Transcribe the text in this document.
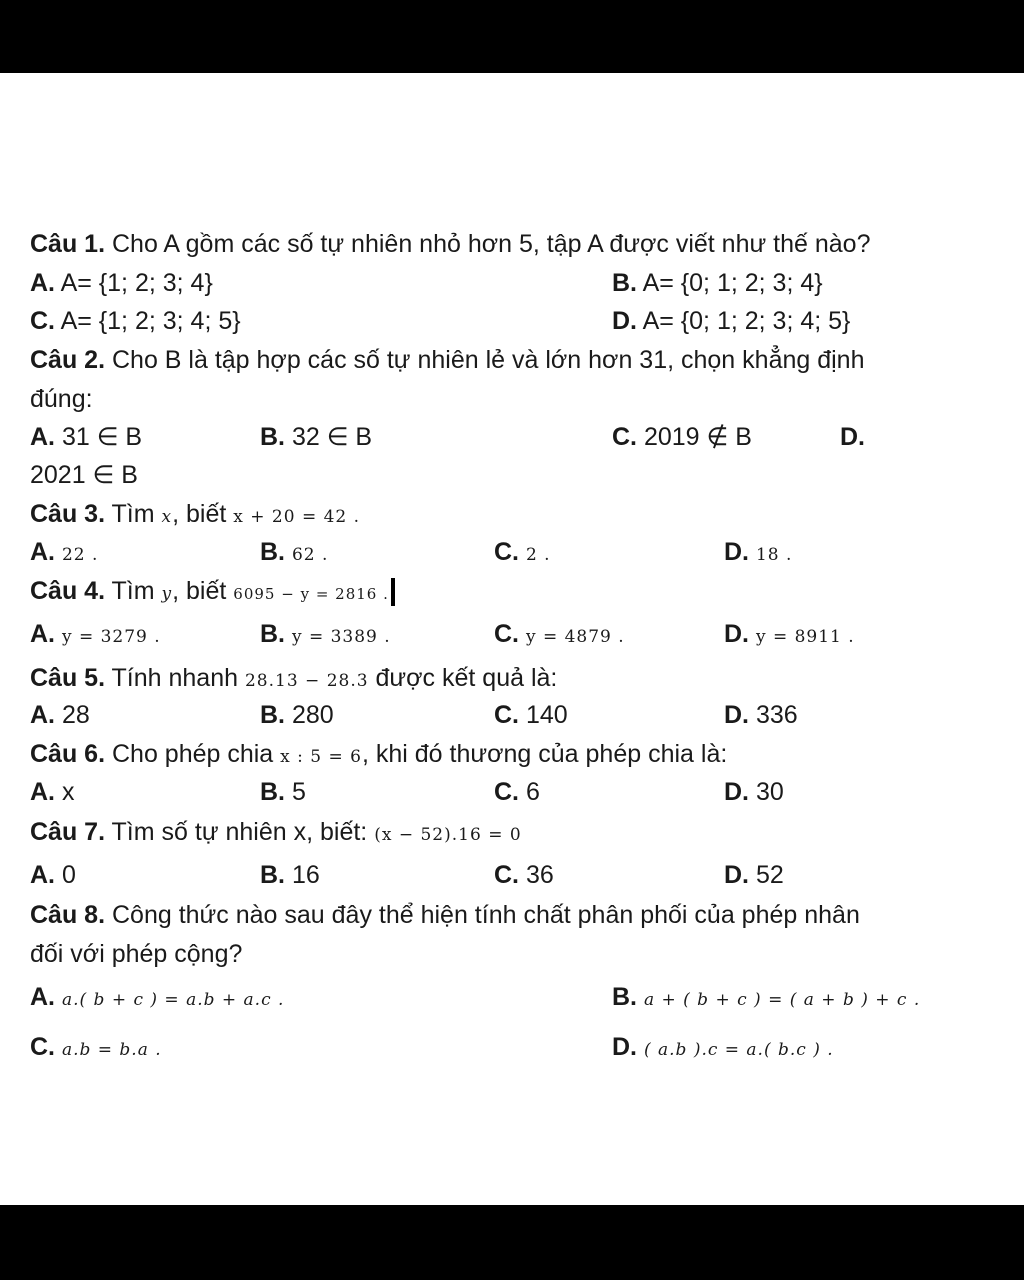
Câu 1. Cho A gồm các số tự nhiên nhỏ hơn 5, tập A được viết như thế nào?
A. A= {1; 2; 3; 4}	B. A= {0; 1; 2; 3; 4}
C. A= {1; 2; 3; 4; 5}	D. A= {0; 1; 2; 3; 4; 5}
Câu 2. Cho B là tập hợp các số tự nhiên lẻ và lớn hơn 31, chọn khẳng định
đúng:
A. 31 ∈ B	B. 32 ∈ B	C. 2019 ∉ B	D.
2021 ∈ B
Câu 3. Tìm x, biết x + 20 = 42 .
A. 22 .	B. 62 .	C. 2 .	D. 18 .
Câu 4. Tìm y, biết 6095 − y = 2816 .
A. y = 3279 .	B. y = 3389 .	C. y = 4879 .	D. y = 8911 .
Câu 5. Tính nhanh 28.13 − 28.3 được kết quả là:
A. 28	B. 280	C. 140	D. 336
Câu 6. Cho phép chia x : 5 = 6, khi đó thương của phép chia là:
A. x	B. 5	C. 6	D. 30
Câu 7. Tìm số tự nhiên x, biết: (x − 52).16 = 0
A. 0	B. 16	C. 36	D. 52
Câu 8. Công thức nào sau đây thể hiện tính chất phân phối của phép nhân
đối với phép cộng?
A. a.( b + c ) = a.b + a.c .	B. a + ( b + c ) = ( a + b ) + c .
C. a.b = b.a .	D. ( a.b ).c = a.( b.c ) .
